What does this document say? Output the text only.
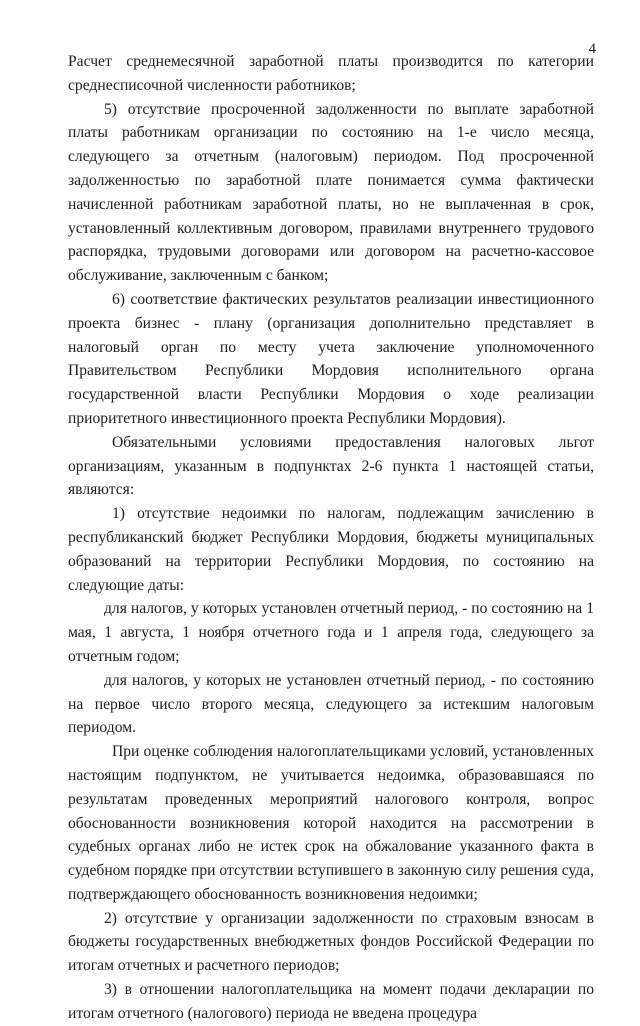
4

Расчет среднемесячной заработной платы производится по категории среднесписочной численности работников;

5) отсутствие просроченной задолженности по выплате заработной платы работникам организации по состоянию на 1-е число месяца, следующего за отчетным (налоговым) периодом. Под просроченной задолженностью по заработной плате понимается сумма фактически начисленной работникам заработной платы, но не выплаченная в срок, установленный коллективным договором, правилами внутреннего трудового распорядка, трудовыми договорами или договором на расчетно-кассовое обслуживание, заключенным с банком;

6) соответствие фактических результатов реализации инвестиционного проекта бизнес - плану (организация дополнительно представляет в налоговый орган по месту учета заключение уполномоченного Правительством Республики Мордовия исполнительного органа государственной власти Республики Мордовия о ходе реализации приоритетного инвестиционного проекта Республики Мордовия).

Обязательными условиями предоставления налоговых льгот организациям, указанным в подпунктах 2-6 пункта 1 настоящей статьи, являются:

1) отсутствие недоимки по налогам, подлежащим зачислению в республиканский бюджет Республики Мордовия, бюджеты муниципальных образований на территории Республики Мордовия, по состоянию на следующие даты:

для налогов, у которых установлен отчетный период, - по состоянию на 1 мая, 1 августа, 1 ноября отчетного года и 1 апреля года, следующего за отчетным годом;

для налогов, у которых не установлен отчетный период, - по состоянию на первое число второго месяца, следующего за истекшим налоговым периодом.

При оценке соблюдения налогоплательщиками условий, установленных настоящим подпунктом, не учитывается недоимка, образовавшаяся по результатам проведенных мероприятий налогового контроля, вопрос обоснованности возникновения которой находится на рассмотрении в судебных органах либо не истек срок на обжалование указанного факта в судебном порядке при отсутствии вступившего в законную силу решения суда, подтверждающего обоснованность возникновения недоимки;

2) отсутствие у организации задолженности по страховым взносам в бюджеты государственных внебюджетных фондов Российской Федерации по итогам отчетных и расчетного периодов;

3) в отношении налогоплательщика на момент подачи декларации по итогам отчетного (налогового) периода не введена процедура
